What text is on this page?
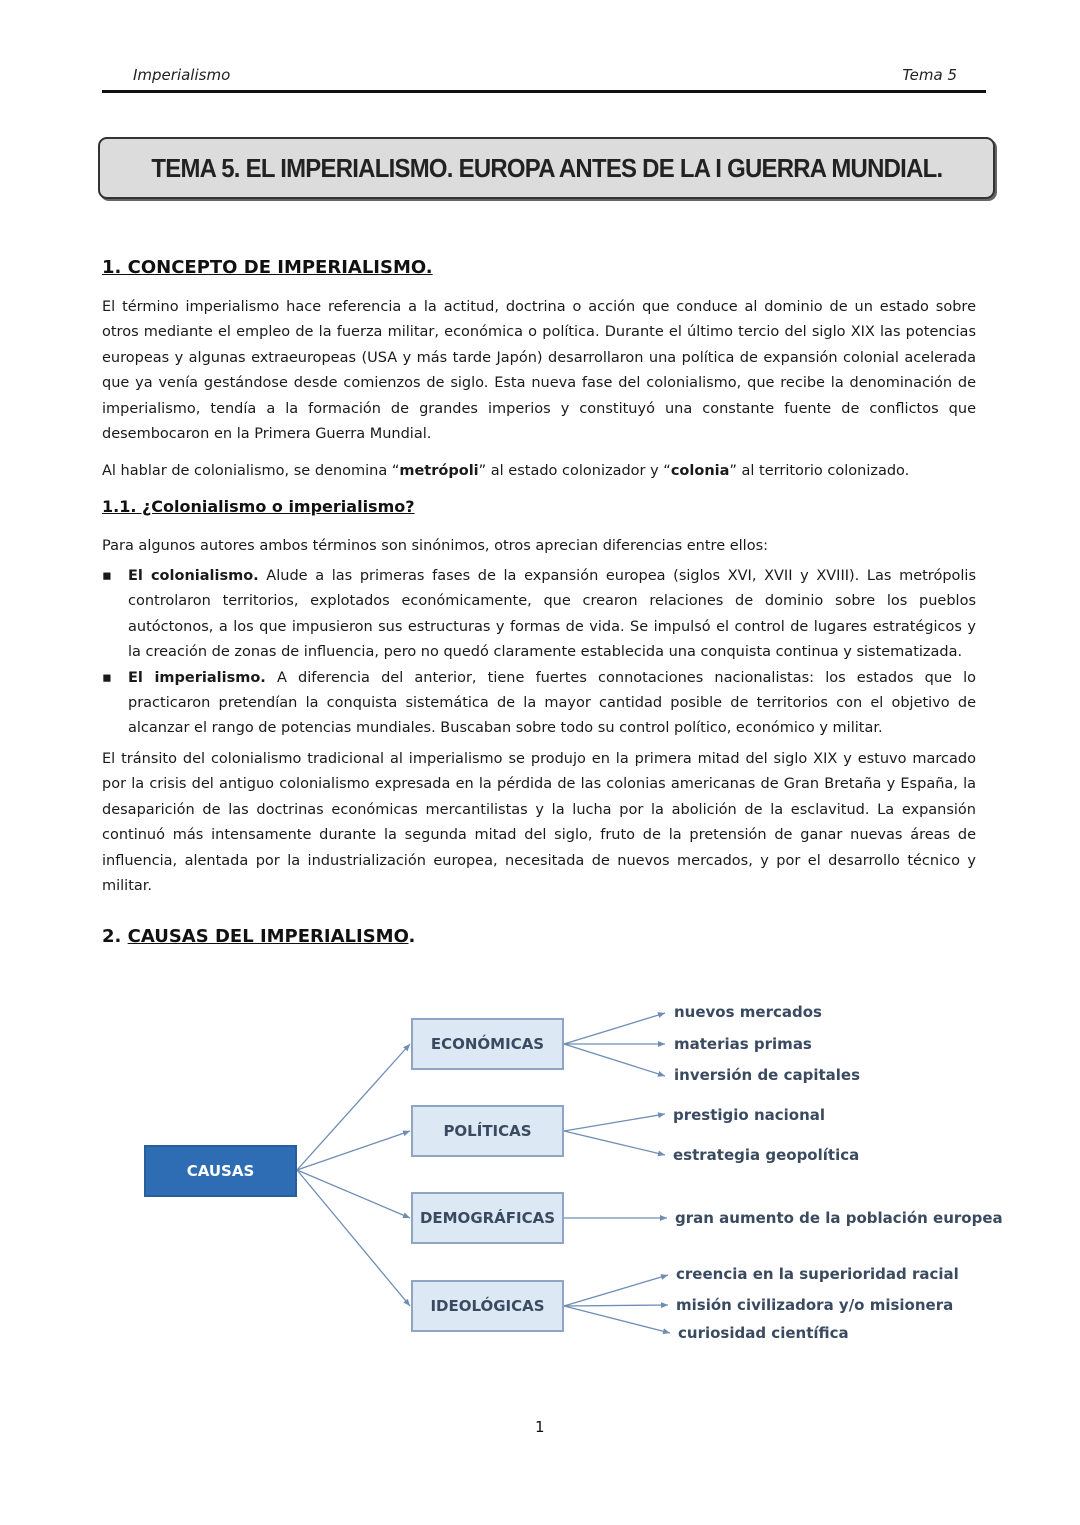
Imperialismo	Tema 5
TEMA 5. EL IMPERIALISMO. EUROPA ANTES DE LA I GUERRA MUNDIAL.
1. CONCEPTO DE IMPERIALISMO.

El término imperialismo hace referencia a la actitud, doctrina o acción que conduce al dominio de un estado sobre otros mediante el empleo de la fuerza militar, económica o política. Durante el último tercio del siglo XIX las potencias europeas y algunas extraeuropeas (USA y más tarde Japón) desarrollaron una política de expansión colonial acelerada que ya venía gestándose desde comienzos de siglo. Esta nueva fase del colonialismo, que recibe la denominación de imperialismo, tendía a la formación de grandes imperios y constituyó una constante fuente de conflictos que desembocaron en la Primera Guerra Mundial.

Al hablar de colonialismo, se denomina “metrópoli” al estado colonizador y “colonia” al territorio colonizado.

1.1. ¿Colonialismo o imperialismo?

Para algunos autores ambos términos son sinónimos, otros aprecian diferencias entre ellos:

▪ El colonialismo. Alude a las primeras fases de la expansión europea (siglos XVI, XVII y XVIII). Las metrópolis controlaron territorios, explotados económicamente, que crearon relaciones de dominio sobre los pueblos autóctonos, a los que impusieron sus estructuras y formas de vida. Se impulsó el control de lugares estratégicos y la creación de zonas de influencia, pero no quedó claramente establecida una conquista continua y sistematizada.
▪ El imperialismo. A diferencia del anterior, tiene fuertes connotaciones nacionalistas: los estados que lo practicaron pretendían la conquista sistemática de la mayor cantidad posible de territorios con el objetivo de alcanzar el rango de potencias mundiales. Buscaban sobre todo su control político, económico y militar.

El tránsito del colonialismo tradicional al imperialismo se produjo en la primera mitad del siglo XIX y estuvo marcado por la crisis del antiguo colonialismo expresada en la pérdida de las colonias americanas de Gran Bretaña y España, la desaparición de las doctrinas económicas mercantilistas y la lucha por la abolición de la esclavitud. La expansión continuó más intensamente durante la segunda mitad del siglo, fruto de la pretensión de ganar nuevas áreas de influencia, alentada por la industrialización europea, necesitada de nuevos mercados, y por el desarrollo técnico y militar.

2. CAUSAS DEL IMPERIALISMO.
CAUSAS
ECONÓMICAS
POLÍTICAS
DEMOGRÁFICAS
IDEOLÓGICAS
nuevos mercados
materias primas
inversión de capitales
prestigio nacional
estrategia geopolítica
gran aumento de la población europea
creencia en la superioridad racial
misión civilizadora y/o misionera
curiosidad científica
1
